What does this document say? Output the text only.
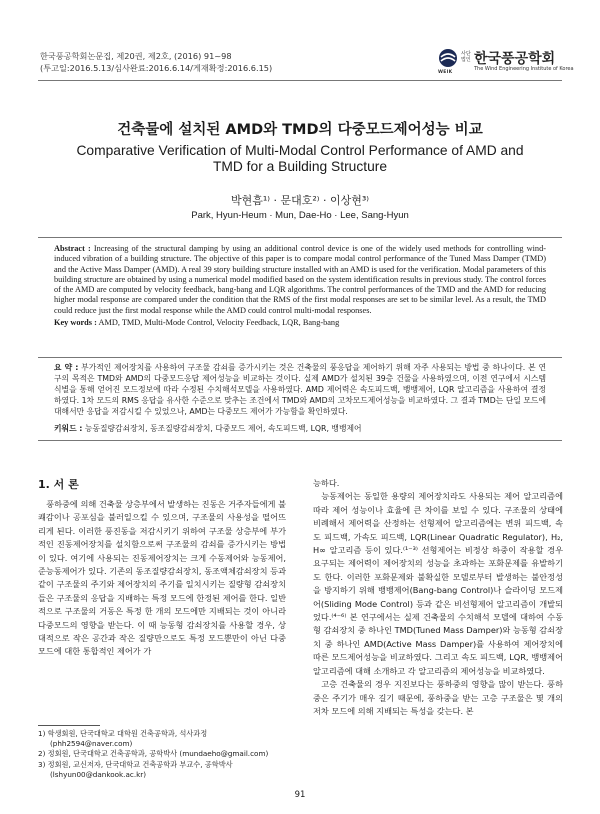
한국풍공학회논문집, 제20권, 제2호, (2016) 91~98
(투고일:2016.5.13/심사완료:2016.6.14/게재확정:2016.6.15)	WEIK
사단
법인 한국풍공학회
The Wind Engineering Institute of Korea
건축물에 설치된 AMD와 TMD의 다중모드제어성능 비교
Comparative Verification of Multi-Modal Control Performance of AMD and TMD for a Building Structure
박현흠¹⁾ · 문대호²⁾ · 이상현³⁾
Park, Hyun-Heum · Mun, Dae-Ho · Lee, Sang-Hyun

Abstract : Increasing of the structural damping by using an additional control device is one of the widely used methods for controlling wind-induced vibration of a building structure. The objective of this paper is to compare modal control performance of the Tuned Mass Damper (TMD) and the Active Mass Damper (AMD). A real 39 story building structure installed with an AMD is used for the verification. Modal parameters of this building structure are obtained by using a numerical model modified based on the system identification results in previous study. The control forces of the AMD are computed by velocity feedback, bang-bang and LQR algorithms. The control performances of the TMD and the AMD for reducing higher modal response are compared under the condition that the RMS of the first modal responses are set to be similar level. As a result, the TMD could reduce just the first modal response while the AMD could control multi-modal responses.

Key words : AMD, TMD, Multi-Mode Control, Velocity Feedback, LQR, Bang-bang

요 약 : 부가적인 제어장치를 사용하여 구조물 감쇠를 증가시키는 것은 건축물의 풍응답을 제어하기 위해 자주 사용되는 방법 중 하나이다. 본 연구의 목적은 TMD와 AMD의 다중모드응답 제어성능을 비교하는 것이다. 실제 AMD가 설치된 39층 건물을 사용하였으며, 이전 연구에서 시스템식별을 통해 얻어진 모드정보에 따라 수정된 수치해석모델을 사용하였다. AMD 제어력은 속도피드백, 뱅뱅제어, LQR 알고리즘을 사용하여 결정하였다. 1차 모드의 RMS 응답을 유사한 수준으로 맞추는 조건에서 TMD와 AMD의 고차모드제어성능을 비교하였다. 그 결과 TMD는 단일 모드에 대해서만 응답을 저감시킬 수 있었으나, AMD는 다중모드 제어가 가능함을 확인하였다.
키워드 : 능동질량감쇠장치, 동조질량감쇠장치, 다중모드 제어, 속도피드백, LQR, 뱅뱅제어
1. 서 론

풍하중에 의해 건축물 상층부에서 발생하는 진동은 거주자들에게 불쾌감이나 공포심을 불러일으킬 수 있으며, 구조물의 사용성을 떨어뜨리게 된다. 이러한 풍진동을 저감시키기 위하여 구조물 상층부에 부가적인 진동제어장치를 설치함으로써 구조물의 감쇠를 증가시키는 방법이 있다. 여기에 사용되는 진동제어장치는 크게 수동제어와 능동제어, 준능동제어가 있다. 기존의 동조질량감쇠장치, 동조액체감쇠장치 등과 같이 구조물의 주기와 제어장치의 주기를 일치시키는 질량형 감쇠장치들은 구조물의 응답을 지배하는 특정 모드에 한정된 제어를 한다. 일반적으로 구조물의 거동은 특정 한 개의 모드에만 지배되는 것이 아니라 다중모드의 영향을 받는다. 이 때 능동형 감쇠장치를 사용할 경우, 상대적으로 작은 공간과 작은 질량만으로도 특정 모드뿐만이 아닌 다중모드에 대한 통합적인 제어가 가

능하다.

능동제어는 동일한 용량의 제어장치라도 사용되는 제어 알고리즘에 따라 제어 성능이나 효율에 큰 차이를 보일 수 있다. 구조물의 상태에 비례해서 제어력을 산정하는 선형제어 알고리즘에는 변위 피드백, 속도 피드백, 가속도 피드백, LQR(Linear Quadratic Regulator), H₂, H∞ 알고리즘 등이 있다.⁽¹⁻³⁾ 선형제어는 비정상 하중이 작용할 경우 요구되는 제어력이 제어장치의 성능을 초과하는 포화문제를 유발하기도 한다. 이러한 포화문제와 불확실한 모델로부터 발생하는 불안정성을 방지하기 위해 뱅뱅제어(Bang-bang Control)나 슬라이딩 모드제어(Sliding Mode Control) 등과 같은 비선형제어 알고리즘이 개발되었다.⁽⁴⁻⁶⁾ 본 연구에서는 실제 건축물의 수치해석 모델에 대하여 수동형 감쇠장치 중 하나인 TMD(Tuned Mass Damper)와 능동형 감쇠장치 중 하나인 AMD(Active Mass Damper)를 사용하여 제어장치에 따른 모드제어성능을 비교하였다. 그리고 속도 피드백, LQR, 뱅뱅제어 알고리즘에 대해 소개하고 각 알고리즘의 제어성능을 비교하였다.

고층 건축물의 경우 지진보다는 풍하중의 영향을 많이 받는다. 풍하중은 주기가 매우 길기 때문에, 풍하중을 받는 고층 구조물은 몇 개의 저차 모드에 의해 지배되는 특성을 갖는다. 본

1) 학생회원, 단국대학교 대학원 건축공학과, 석사과정
(phh2594@naver.com)
2) 정회원, 단국대학교 건축공학과, 공학박사 (mundaeho@gmail.com)
3) 정회원, 교신저자, 단국대학교 건축공학과 부교수, 공학박사
(lshyun00@dankook.ac.kr)
91
